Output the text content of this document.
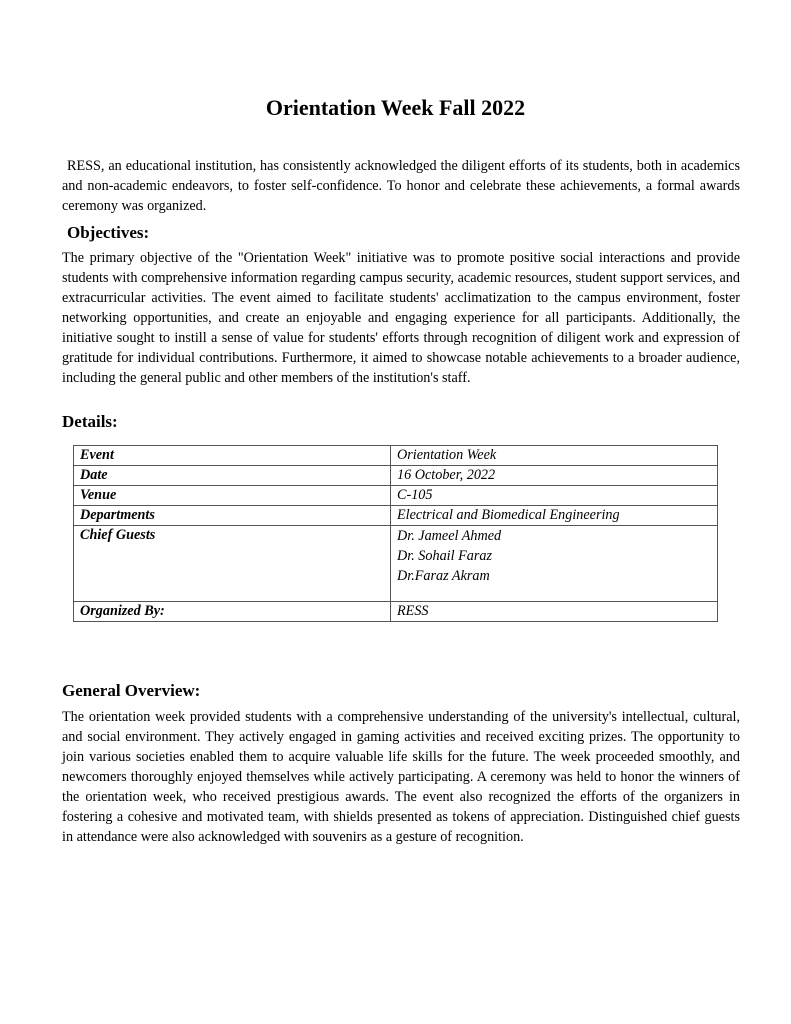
Orientation Week Fall 2022
RESS, an educational institution, has consistently acknowledged the diligent efforts of its students, both in academics and non-academic endeavors, to foster self-confidence. To honor and celebrate these achievements, a formal awards ceremony was organized.
Objectives:
The primary objective of the "Orientation Week" initiative was to promote positive social interactions and provide students with comprehensive information regarding campus security, academic resources, student support services, and extracurricular activities. The event aimed to facilitate students' acclimatization to the campus environment, foster networking opportunities, and create an enjoyable and engaging experience for all participants. Additionally, the initiative sought to instill a sense of value for students' efforts through recognition of diligent work and expression of gratitude for individual contributions. Furthermore, it aimed to showcase notable achievements to a broader audience, including the general public and other members of the institution's staff.
Details:
Event	Orientation Week
Date	16 October, 2022
Venue	C-105
Departments	Electrical and Biomedical Engineering
Chief Guests	Dr. Jameel Ahmed
Dr. Sohail Faraz
Dr.Faraz Akram

Organized By:	RESS
General Overview:
The orientation week provided students with a comprehensive understanding of the university's intellectual, cultural, and social environment. They actively engaged in gaming activities and received exciting prizes. The opportunity to join various societies enabled them to acquire valuable life skills for the future. The week proceeded smoothly, and newcomers thoroughly enjoyed themselves while actively participating. A ceremony was held to honor the winners of the orientation week, who received prestigious awards. The event also recognized the efforts of the organizers in fostering a cohesive and motivated team, with shields presented as tokens of appreciation. Distinguished chief guests in attendance were also acknowledged with souvenirs as a gesture of recognition.
